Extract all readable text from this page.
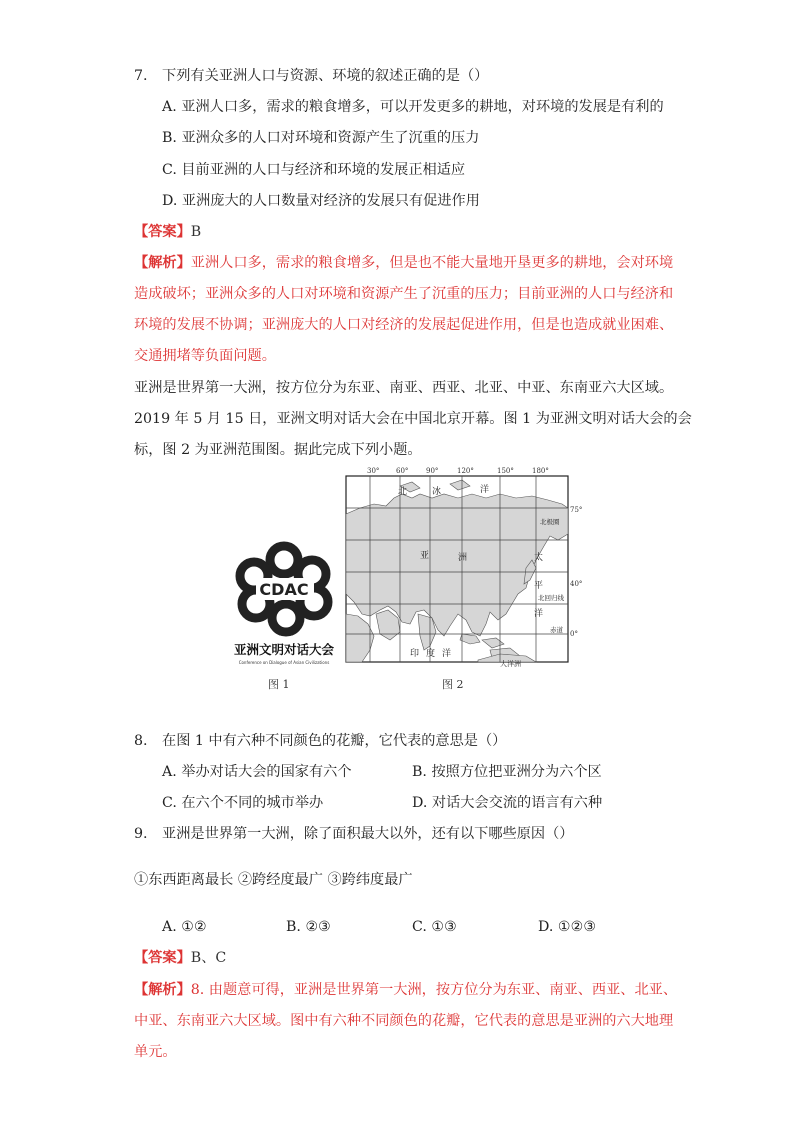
7. 下列有关亚洲人口与资源、环境的叙述正确的是（）
A. 亚洲人口多，需求的粮食增多，可以开发更多的耕地，对环境的发展是有利的
B. 亚洲众多的人口对环境和资源产生了沉重的压力
C. 目前亚洲的人口与经济和环境的发展正相适应
D. 亚洲庞大的人口数量对经济的发展只有促进作用
【答案】B
【解析】亚洲人口多，需求的粮食增多，但是也不能大量地开垦更多的耕地，会对环境
造成破坏；亚洲众多的人口对环境和资源产生了沉重的压力；目前亚洲的人口与经济和
环境的发展不协调；亚洲庞大的人口对经济的发展起促进作用，但是也造成就业困难、
交通拥堵等负面问题。
亚洲是世界第一大洲，按方位分为东亚、南亚、西亚、北亚、中亚、东南亚六大区域。
2019 年 5 月 15 日，亚洲文明对话大会在中国北京开幕。图 1 为亚洲文明对话大会的会
标，图 2 为亚洲范围图。据此完成下列小题。
CDAC
亚洲文明对话大会
Conference on Dialogue of Asian Civilizations
图 1
30° 60°	90°	120°	150°	180°
75°
40°
0°
北	冰	洋
北极圈
亚	洲	太
平
洋
北回归线
赤道
印 度 洋
大洋洲
图 2
8. 在图 1 中有六种不同颜色的花瓣，它代表的意思是（）
A. 举办对话大会的国家有六个	B. 按照方位把亚洲分为六个区
C. 在六个不同的城市举办	D. 对话大会交流的语言有六种
9. 亚洲是世界第一大洲，除了面积最大以外，还有以下哪些原因（）
①东西距离最长 ②跨经度最广 ③跨纬度最广
A. ①②	B. ②③	C. ①③	D. ①②③
【答案】B、C
【解析】8. 由题意可得，亚洲是世界第一大洲，按方位分为东亚、南亚、西亚、北亚、
中亚、东南亚六大区域。图中有六种不同颜色的花瓣，它代表的意思是亚洲的六大地理
单元。
